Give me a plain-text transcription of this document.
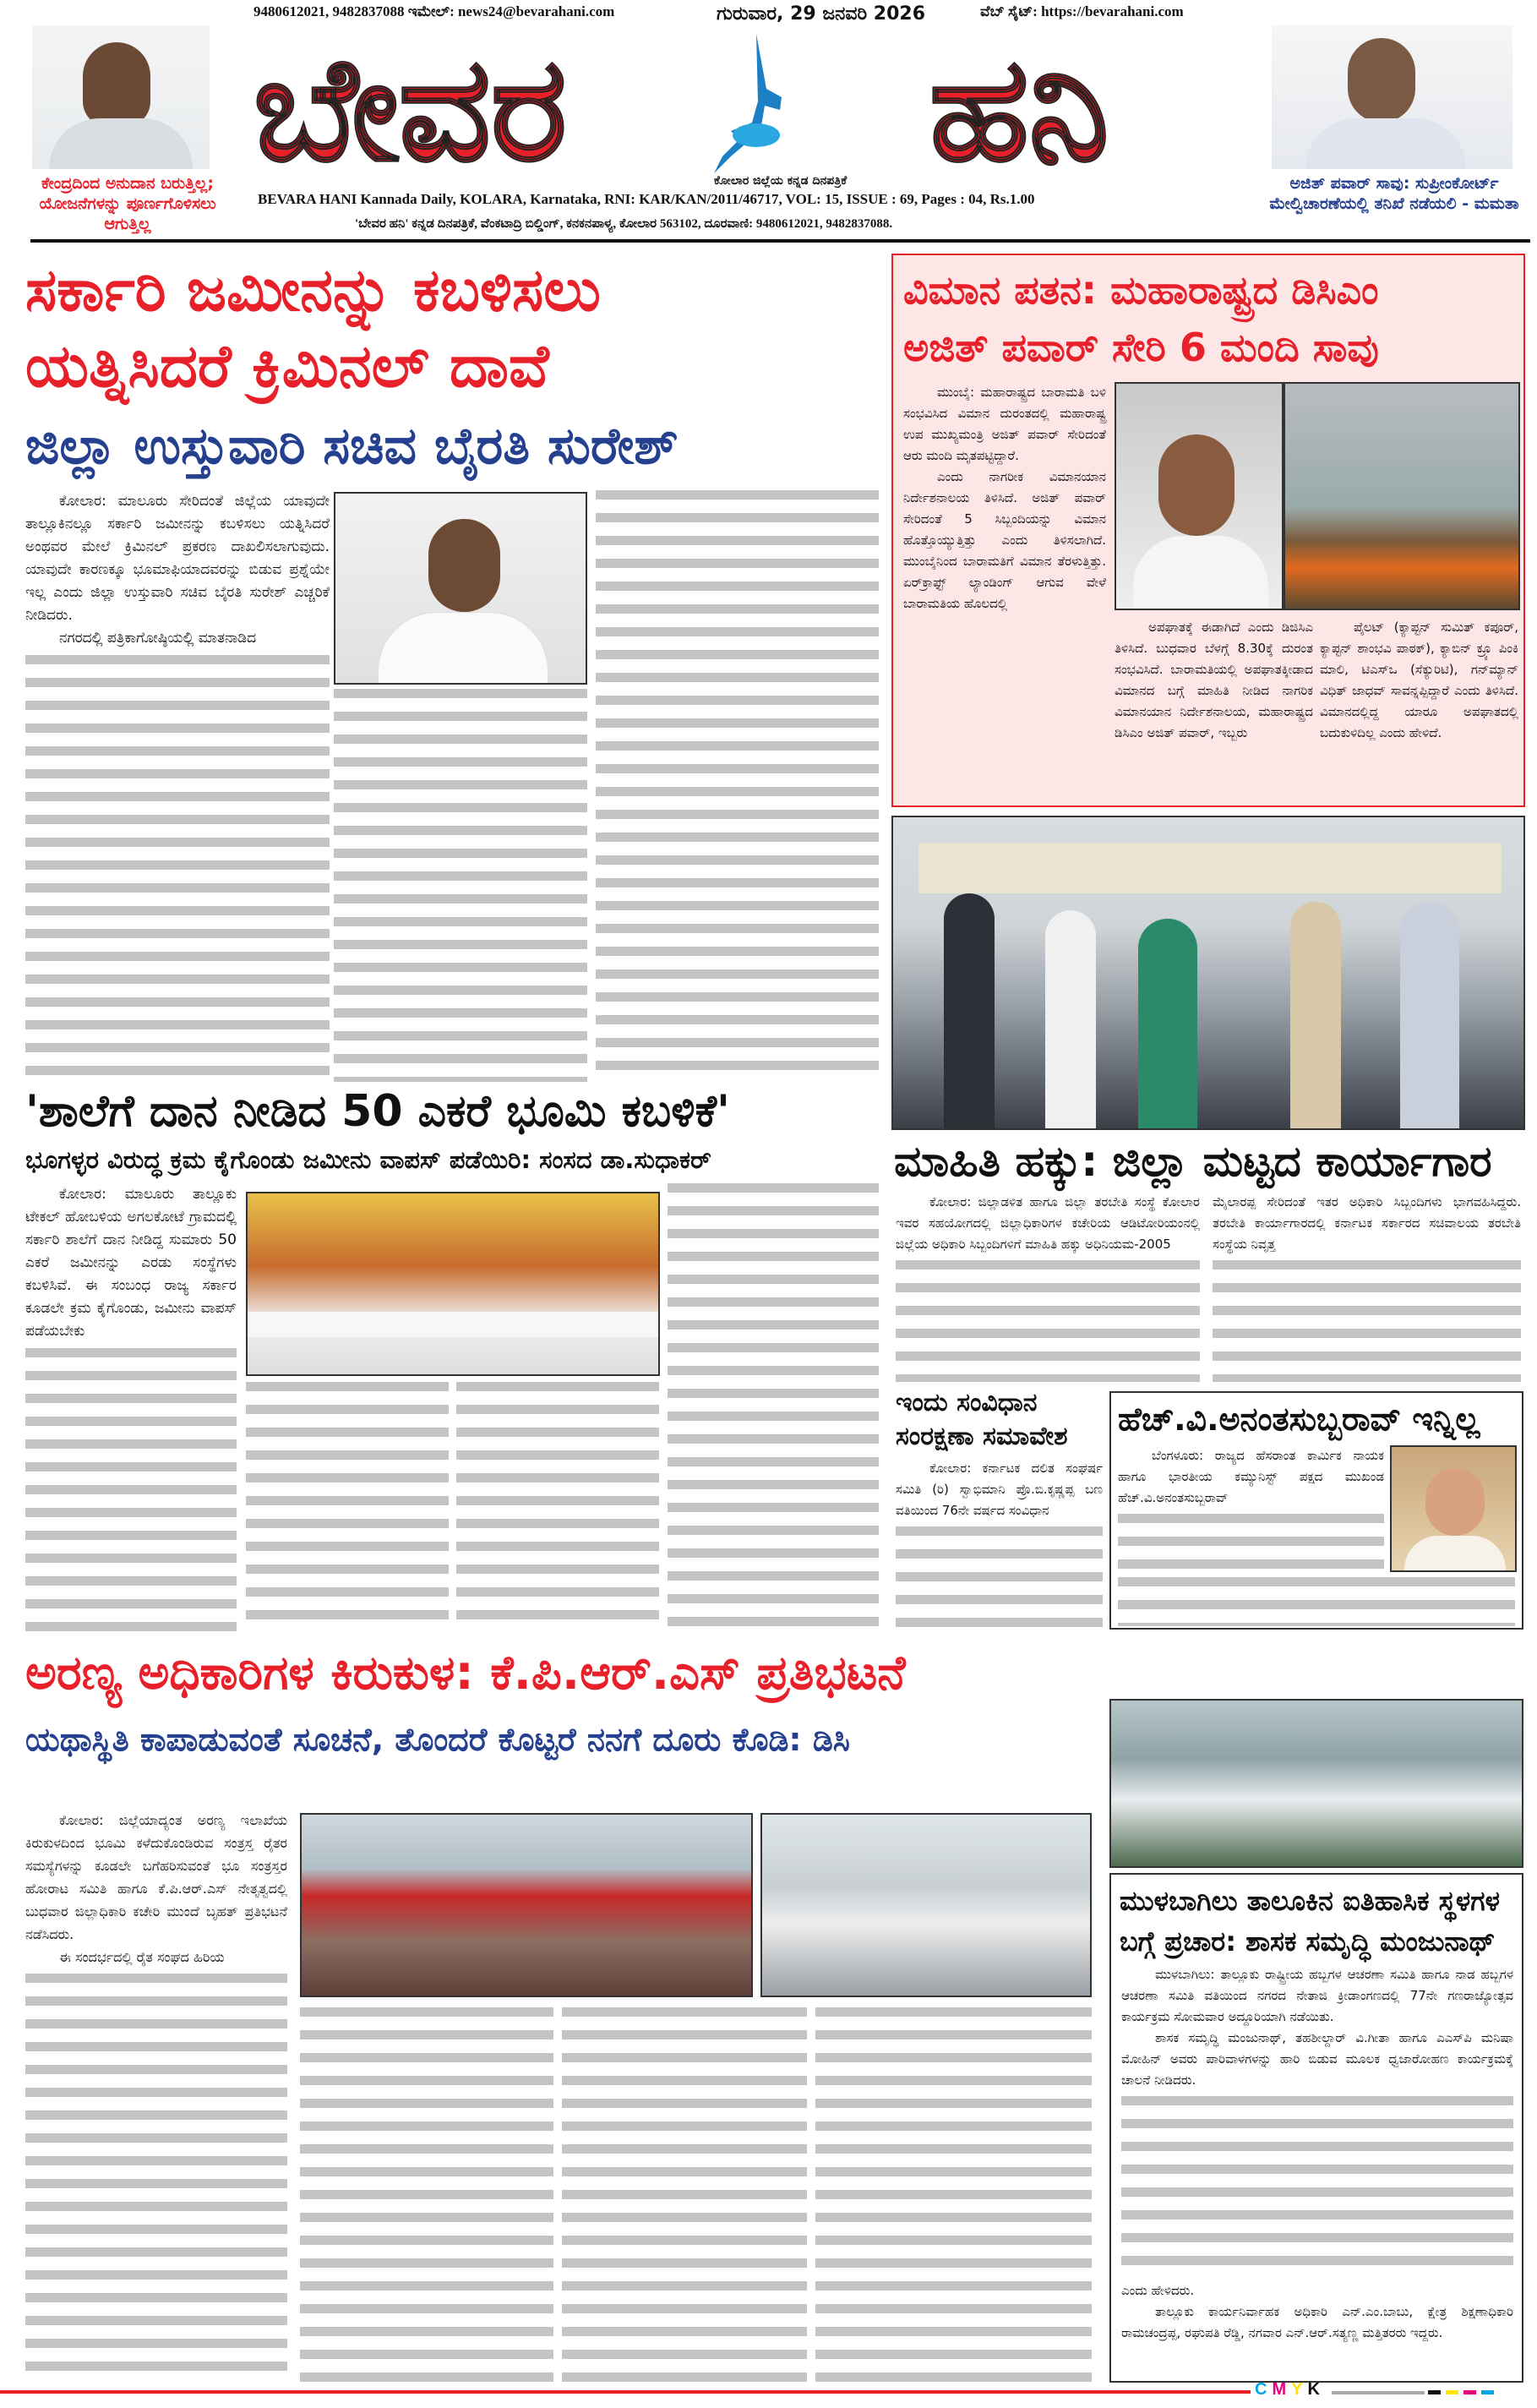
9480612021, 9482837088 ಇಮೇಲ್: news24@bevarahani.com	ಗುರುವಾರ, 29 ಜನವರಿ 2026	ವೆಬ್ ಸೈಟ್: https://bevarahani.com
ಕೇಂದ್ರದಿಂದ ಅನುದಾನ ಬರುತ್ತಿಲ್ಲ; ಯೋಜನೆಗಳನ್ನು ಪೂರ್ಣಗೊಳಿಸಲು ಆಗುತ್ತಿಲ್ಲ
ಬೇವರ	ಕೋಲಾರ ಜಿಲ್ಲೆಯ ಕನ್ನಡ ದಿನಪತ್ರಿಕೆ ಹನಿ
BEVARA HANI Kannada Daily, KOLARA, Karnataka, RNI: KAR/KAN/2011/46717, VOL: 15, ISSUE : 69, Pages : 04, Rs.1.00
'ಬೇವರ ಹನಿ' ಕನ್ನಡ ದಿನಪತ್ರಿಕೆ, ವೆಂಕಟಾದ್ರಿ ಬಿಲ್ಡಿಂಗ್, ಕನಕನಪಾಳ್ಯ, ಕೋಲಾರ 563102, ದೂರವಾಣಿ: 9480612021, 9482837088.
ಅಜಿತ್ ಪವಾರ್ ಸಾವು: ಸುಪ್ರೀಂಕೋರ್ಟ್ ಮೇಲ್ವಿಚಾರಣೆಯಲ್ಲಿ ತನಿಖೆ ನಡೆಯಲಿ - ಮಮತಾ
ಸರ್ಕಾರಿ ಜಮೀನನ್ನು ಕಬಳಿಸಲು
ಯತ್ನಿಸಿದರೆ ಕ್ರಿಮಿನಲ್ ದಾವೆ
ಜಿಲ್ಲಾ ಉಸ್ತುವಾರಿ ಸಚಿವ ಬೈರತಿ ಸುರೇಶ್

ಕೋಲಾರ: ಮಾಲೂರು ಸೇರಿದಂತೆ ಜಿಲ್ಲೆಯ ಯಾವುದೇ ತಾಲ್ಲೂಕಿನಲ್ಲೂ ಸರ್ಕಾರಿ ಜಮೀನನ್ನು ಕಬಳಿಸಲು ಯತ್ನಿಸಿದರೆ ಅಂಥವರ ಮೇಲೆ ಕ್ರಿಮಿನಲ್ ಪ್ರಕರಣ ದಾಖಲಿಸಲಾಗುವುದು. ಯಾವುದೇ ಕಾರಣಕ್ಕೂ ಭೂಮಾಫಿಯಾದವರನ್ನು ಬಿಡುವ ಪ್ರಶ್ನೆಯೇ ಇಲ್ಲ ಎಂದು ಜಿಲ್ಲಾ ಉಸ್ತುವಾರಿ ಸಚಿವ ಬೈರತಿ ಸುರೇಶ್ ಎಚ್ಚರಿಕೆ ನೀಡಿದರು.

ನಗರದಲ್ಲಿ ಪತ್ರಿಕಾಗೋಷ್ಠಿಯಲ್ಲಿ ಮಾತನಾಡಿದ

ವಿಮಾನ ಪತನ: ಮಹಾರಾಷ್ಟ್ರದ ಡಿಸಿಎಂ
ಅಜಿತ್ ಪವಾರ್ ಸೇರಿ 6 ಮಂದಿ ಸಾವು

ಮುಂಬೈ: ಮಹಾರಾಷ್ಟ್ರದ ಬಾರಾಮತಿ ಬಳಿ ಸಂಭವಿಸಿದ ವಿಮಾನ ದುರಂತದಲ್ಲಿ ಮಹಾರಾಷ್ಟ್ರ ಉಪ ಮುಖ್ಯಮಂತ್ರಿ ಅಜಿತ್ ಪವಾರ್ ಸೇರಿದಂತೆ ಆರು ಮಂದಿ ಮೃತಪಟ್ಟಿದ್ದಾರೆ.

ಎಂದು ನಾಗರೀಕ ವಿಮಾನಯಾನ ನಿರ್ದೇಶನಾಲಯ ತಿಳಿಸಿದೆ. ಅಜಿತ್ ಪವಾರ್ ಸೇರಿದಂತೆ 5 ಸಿಬ್ಬಂದಿಯನ್ನು ವಿಮಾನ ಹೊತ್ತೊಯ್ಯುತ್ತಿತ್ತು ಎಂದು ತಿಳಿಸಲಾಗಿದೆ. ಮುಂಬೈನಿಂದ ಬಾರಾಮತಿಗೆ ವಿಮಾನ ತೆರಳುತ್ತಿತ್ತು. ಏರ್‌ಕ್ರಾಫ್ಟ್ ಲ್ಯಾಂಡಿಂಗ್ ಆಗುವ ವೇಳೆ ಬಾರಾಮತಿಯ ಹೊಲದಲ್ಲಿ

ಅಪಘಾತಕ್ಕೆ ಈಡಾಗಿದೆ ಎಂದು ಡಿಜಿಸಿಎ ತಿಳಿಸಿದೆ. ಬುಧವಾರ ಬೆಳಗ್ಗೆ 8.30ಕ್ಕೆ ದುರಂತ ಸಂಭವಿಸಿದೆ. ಬಾರಾಮತಿಯಲ್ಲಿ ಅಪಘಾತಕ್ಕೀಡಾದ ವಿಮಾನದ ಬಗ್ಗೆ ಮಾಹಿತಿ ನೀಡಿದ ನಾಗರಿಕ ವಿಮಾನಯಾನ ನಿರ್ದೇಶನಾಲಯ, ಮಹಾರಾಷ್ಟ್ರದ ಡಿಸಿಎಂ ಅಜಿತ್ ಪವಾರ್, ಇಬ್ಬರು

ಪೈಲಟ್ (ಕ್ಯಾಪ್ಟನ್ ಸುಮಿತ್ ಕಪೂರ್, ಕ್ಯಾಪ್ಟನ್ ಶಾಂಭವಿ ಪಾಠಕ್), ಕ್ಯಾಬಿನ್ ಕ್ರ್ಯೂ ಪಿಂಕಿ ಮಾಲಿ, ಟಿಎಸ್‌ಒ (ಸೆಕ್ಯುರಿಟಿ), ಗನ್‌ಮ್ಯಾನ್ ವಿಧಿತ್ ಜಾಧವ್ ಸಾವನ್ನಪ್ಪಿದ್ದಾರೆ ಎಂದು ತಿಳಿಸಿದೆ. ವಿಮಾನದಲ್ಲಿದ್ದ ಯಾರೂ ಅಪಘಾತದಲ್ಲಿ ಬದುಕುಳಿದಿಲ್ಲ ಎಂದು ಹೇಳಿದೆ.

'ಶಾಲೆಗೆ ದಾನ ನೀಡಿದ 50 ಎಕರೆ ಭೂಮಿ ಕಬಳಿಕೆ'
ಭೂಗಳ್ಳರ ವಿರುದ್ಧ ಕ್ರಮ ಕೈಗೊಂಡು ಜಮೀನು ವಾಪಸ್ ಪಡೆಯಿರಿ: ಸಂಸದ ಡಾ.ಸುಧಾಕರ್

ಕೋಲಾರ: ಮಾಲೂರು ತಾಲ್ಲೂಕು ಟೇಕಲ್ ಹೋಬಳಿಯ ಅಗಲಕೋಟೆ ಗ್ರಾಮದಲ್ಲಿ ಸರ್ಕಾರಿ ಶಾಲೆಗೆ ದಾನ ನೀಡಿದ್ದ ಸುಮಾರು 50 ಎಕರೆ ಜಮೀನನ್ನು ಎರಡು ಸಂಸ್ಥೆಗಳು ಕಬಳಿಸಿವೆ. ಈ ಸಂಬಂಧ ರಾಜ್ಯ ಸರ್ಕಾರ ಕೂಡಲೇ ಕ್ರಮ ಕೈಗೊಂಡು, ಜಮೀನು ವಾಪಸ್ ಪಡೆಯಬೇಕು

ಮಾಹಿತಿ ಹಕ್ಕು: ಜಿಲ್ಲಾ ಮಟ್ಟದ ಕಾರ್ಯಾಗಾರ

ಕೋಲಾರ: ಜಿಲ್ಲಾಡಳಿತ ಹಾಗೂ ಜಿಲ್ಲಾ ತರಬೇತಿ ಸಂಸ್ಥೆ ಕೋಲಾರ ಇವರ ಸಹಯೋಗದಲ್ಲಿ ಜಿಲ್ಲಾಧಿಕಾರಿಗಳ ಕಚೇರಿಯ ಆಡಿಟೋರಿಯಂನಲ್ಲಿ ಜಿಲ್ಲೆಯ ಅಧಿಕಾರಿ ಸಿಬ್ಬಂದಿಗಳಿಗೆ ಮಾಹಿತಿ ಹಕ್ಕು ಅಧಿನಿಯಮ-2005

ಮೈಲಾರಪ್ಪ ಸೇರಿದಂತೆ ಇತರ ಅಧಿಕಾರಿ ಸಿಬ್ಬಂದಿಗಳು ಭಾಗವಹಿಸಿದ್ದರು. ತರಬೇತಿ ಕಾರ್ಯಾಗಾರದಲ್ಲಿ ಕರ್ನಾಟಕ ಸರ್ಕಾರದ ಸಚಿವಾಲಯ ತರಬೇತಿ ಸಂಸ್ಥೆಯ ನಿವೃತ್ತ

ಇಂದು ಸಂವಿಧಾನ ಸಂರಕ್ಷಣಾ ಸಮಾವೇಶ

ಕೋಲಾರ: ಕರ್ನಾಟಕ ದಲಿತ ಸಂಘರ್ಷ ಸಮಿತಿ (ರಿ) ಸ್ವಾಭಿಮಾನಿ ಪ್ರೊ.ಬಿ.ಕೃಷ್ಣಪ್ಪ ಬಣ ವತಿಯಿಂದ 76ನೇ ವರ್ಷದ ಸಂವಿಧಾನ

ಹೆಚ್.ವಿ.ಅನಂತಸುಬ್ಬರಾವ್ ಇನ್ನಿಲ್ಲ

ಬೆಂಗಳೂರು: ರಾಜ್ಯದ ಹೆಸರಾಂತ ಕಾರ್ಮಿಕ ನಾಯಕ ಹಾಗೂ ಭಾರತೀಯ ಕಮ್ಯುನಿಸ್ಟ್ ಪಕ್ಷದ ಮುಖಂಡ ಹೆಚ್.ವಿ.ಅನಂತಸುಬ್ಬರಾವ್

ಅರಣ್ಯ ಅಧಿಕಾರಿಗಳ ಕಿರುಕುಳ: ಕೆ.ಪಿ.ಆರ್.ಎಸ್ ಪ್ರತಿಭಟನೆ
ಯಥಾಸ್ಥಿತಿ ಕಾಪಾಡುವಂತೆ ಸೂಚನೆ, ತೊಂದರೆ ಕೊಟ್ಟರೆ ನನಗೆ ದೂರು ಕೊಡಿ: ಡಿಸಿ

ಕೋಲಾರ: ಜಿಲ್ಲೆಯಾದ್ಯಂತ ಅರಣ್ಯ ಇಲಾಖೆಯ ಕಿರುಕುಳದಿಂದ ಭೂಮಿ ಕಳೆದುಕೊಂಡಿರುವ ಸಂತ್ರಸ್ತ ರೈತರ ಸಮಸ್ಯೆಗಳನ್ನು ಕೂಡಲೇ ಬಗೆಹರಿಸುವಂತೆ ಭೂ ಸಂತ್ರಸ್ತರ ಹೋರಾಟ ಸಮಿತಿ ಹಾಗೂ ಕೆ.ಪಿ.ಆರ್.ಎಸ್ ನೇತೃತ್ವದಲ್ಲಿ ಬುಧವಾರ ಜಿಲ್ಲಾಧಿಕಾರಿ ಕಚೇರಿ ಮುಂದೆ ಬೃಹತ್ ಪ್ರತಿಭಟನೆ ನಡೆಸಿದರು.

ಈ ಸಂದರ್ಭದಲ್ಲಿ ರೈತ ಸಂಘದ ಹಿರಿಯ

ಮುಳಬಾಗಿಲು ತಾಲೂಕಿನ ಐತಿಹಾಸಿಕ ಸ್ಥಳಗಳ
ಬಗ್ಗೆ ಪ್ರಚಾರ: ಶಾಸಕ ಸಮೃದ್ಧಿ ಮಂಜುನಾಥ್

ಮುಳಬಾಗಿಲು: ತಾಲ್ಲೂಕು ರಾಷ್ಟ್ರೀಯ ಹಬ್ಬಗಳ ಆಚರಣಾ ಸಮಿತಿ ಹಾಗೂ ನಾಡ ಹಬ್ಬಗಳ ಆಚರಣಾ ಸಮಿತಿ ವತಿಯಿಂದ ನಗರದ ನೇತಾಜಿ ಕ್ರೀಡಾಂಗಣದಲ್ಲಿ 77ನೇ ಗಣರಾಜ್ಯೋತ್ಸವ ಕಾರ್ಯಕ್ರಮ ಸೋಮವಾರ ಅದ್ದೂರಿಯಾಗಿ ನಡೆಯಿತು.

ಶಾಸಕ ಸಮೃದ್ಧಿ ಮಂಜುನಾಥ್, ತಹಶೀಲ್ದಾರ್ ವಿ.ಗೀತಾ ಹಾಗೂ ಎಎಸ್‌ಪಿ ಮನಿಷಾ ಮೋಹಿನ್ ಅವರು ಪಾರಿವಾಳಗಳನ್ನು ಹಾರಿ ಬಿಡುವ ಮೂಲಕ ಧ್ವಜಾರೋಹಣ ಕಾರ್ಯಕ್ರಮಕ್ಕೆ ಚಾಲನೆ ನೀಡಿದರು.

ಎಂದು ಹೇಳಿದರು.

ತಾಲ್ಲೂಕು ಕಾರ್ಯನಿರ್ವಾಹಕ ಅಧಿಕಾರಿ ಎನ್.ಎಂ.ಬಾಬು, ಕ್ಷೇತ್ರ ಶಿಕ್ಷಣಾಧಿಕಾರಿ ರಾಮಚಂದ್ರಪ್ಪ, ರಘುಪತಿ ರೆಡ್ಡಿ, ನಗವಾರ ಎನ್.ಆರ್.ಸತ್ಯಣ್ಣ ಮತ್ತಿತರರು ಇದ್ದರು.

C M Y K
